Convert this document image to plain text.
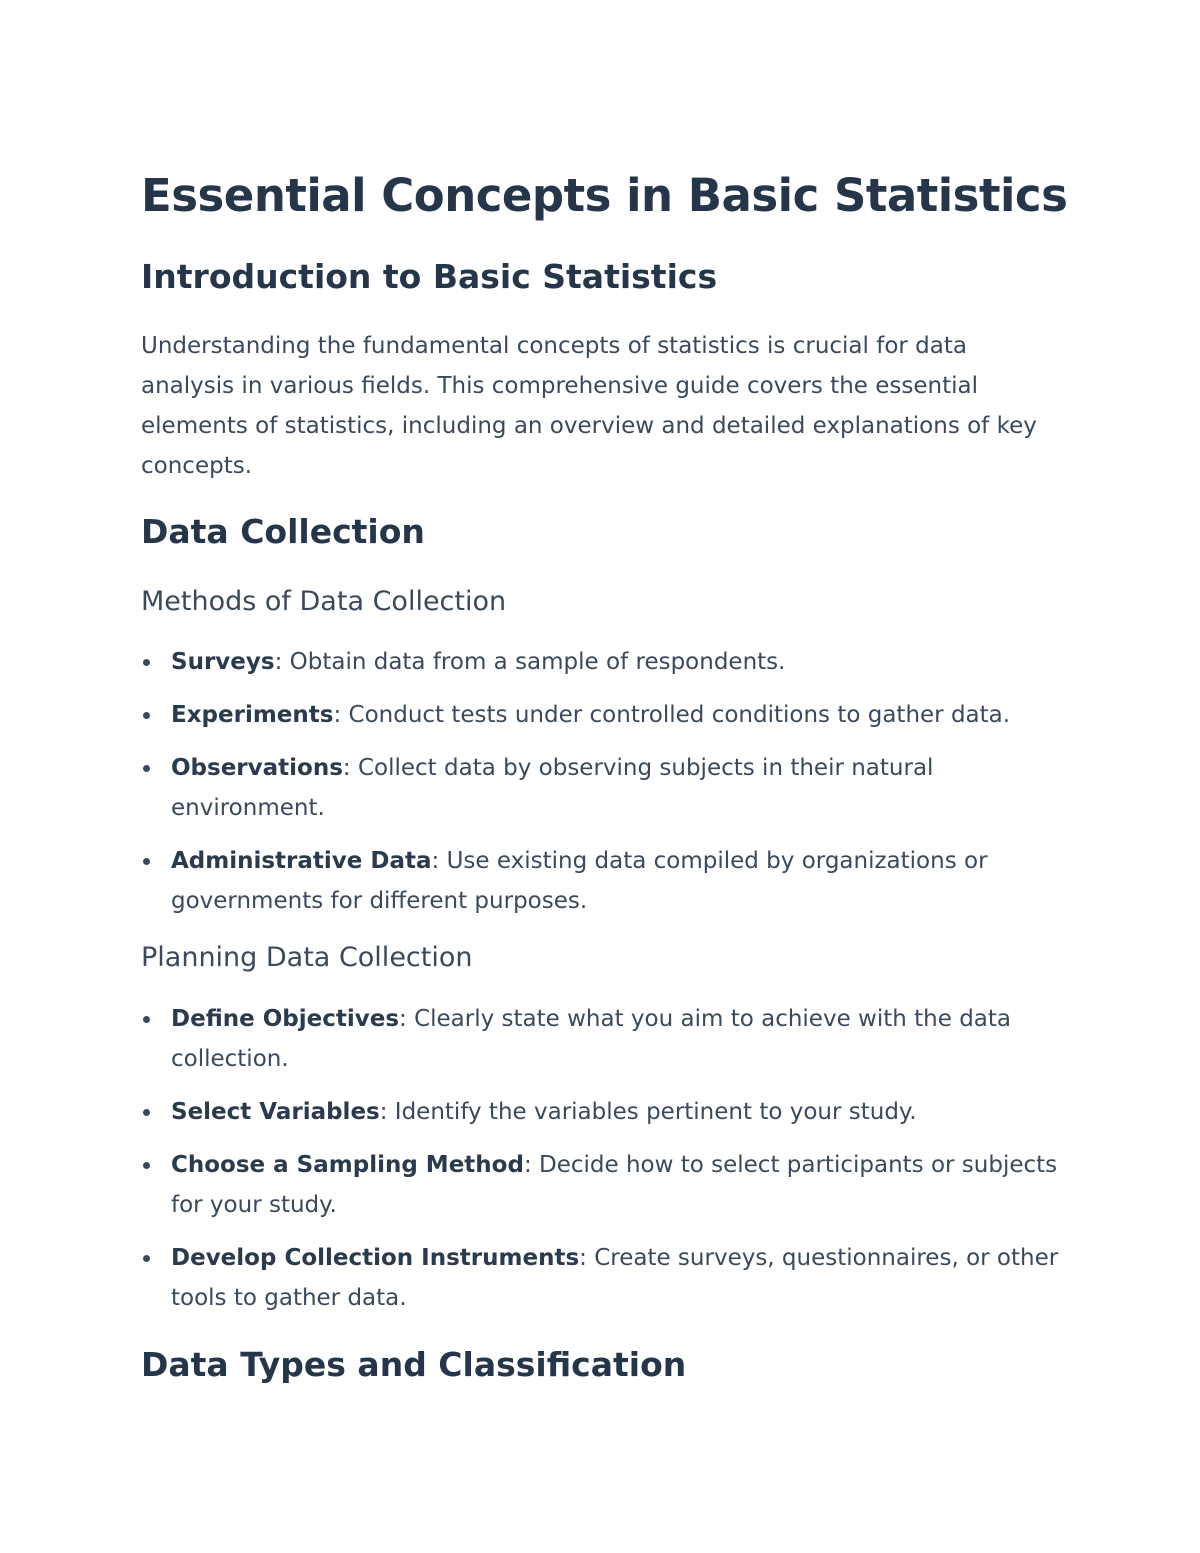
Essential Concepts in Basic Statistics
Introduction to Basic Statistics

Understanding the fundamental concepts of statistics is crucial for data analysis in various fields. This comprehensive guide covers the essential elements of statistics, including an overview and detailed explanations of key concepts.

Data Collection
Methods of Data Collection
Surveys: Obtain data from a sample of respondents.
Experiments: Conduct tests under controlled conditions to gather data.
Observations: Collect data by observing subjects in their natural environment.
Administrative Data: Use existing data compiled by organizations or governments for different purposes.
Planning Data Collection
Define Objectives: Clearly state what you aim to achieve with the data collection.
Select Variables: Identify the variables pertinent to your study.
Choose a Sampling Method: Decide how to select participants or subjects for your study.
Develop Collection Instruments: Create surveys, questionnaires, or other tools to gather data.
Data Types and Classification
